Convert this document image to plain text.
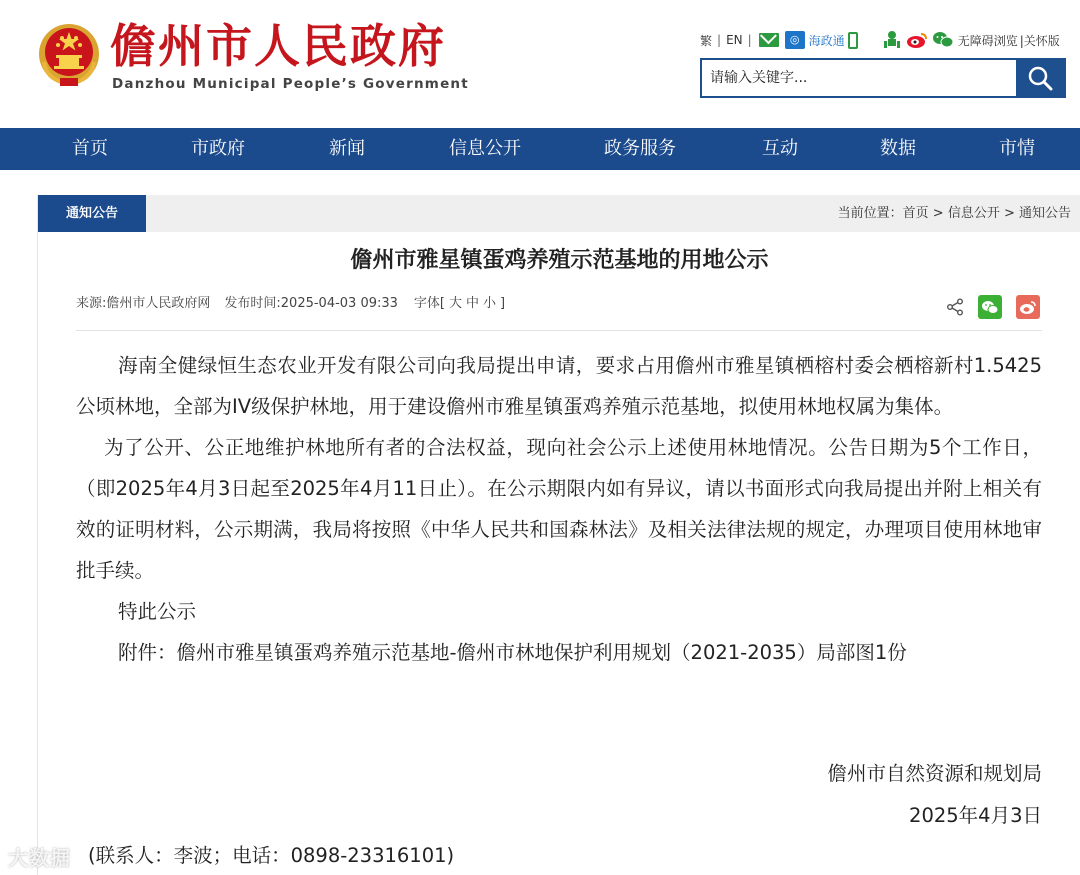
儋州市人民政府
Danzhou Municipal People’s Government
繁 | EN |	◎ 海政通	无障碍浏览 |关怀版
请输入关键字...
首页	市政府	新闻	信息公开	政务服务	互动	数据	市情
通知公告	当前位置：首页 > 信息公开 > 通知公告
儋州市雅星镇蛋鸡养殖示范基地的用地公示
来源:儋州市人民政府网 发布时间:2025-04-03 09:33 字体[ 大 中 小 ]

海南全健绿恒生态农业开发有限公司向我局提出申请，要求占用儋州市雅星镇栖榕村委会栖榕新村1.5425公顷林地，全部为IV级保护林地，用于建设儋州市雅星镇蛋鸡养殖示范基地，拟使用林地权属为集体。

为了公开、公正地维护林地所有者的合法权益，现向社会公示上述使用林地情况。公告日期为5个工作日，（即2025年4月3日起至2025年4月11日止）。在公示期限内如有异议，请以书面形式向我局提出并附上相关有效的证明材料，公示期满，我局将按照《中华人民共和国森林法》及相关法律法规的规定，办理项目使用林地审批手续。

特此公示

附件：儋州市雅星镇蛋鸡养殖示范基地-儋州市林地保护利用规划（2021-2035）局部图1份

儋州市自然资源和规划局
2025年4月3日
(联系人：李波；电话：0898-23316101)
大数据
